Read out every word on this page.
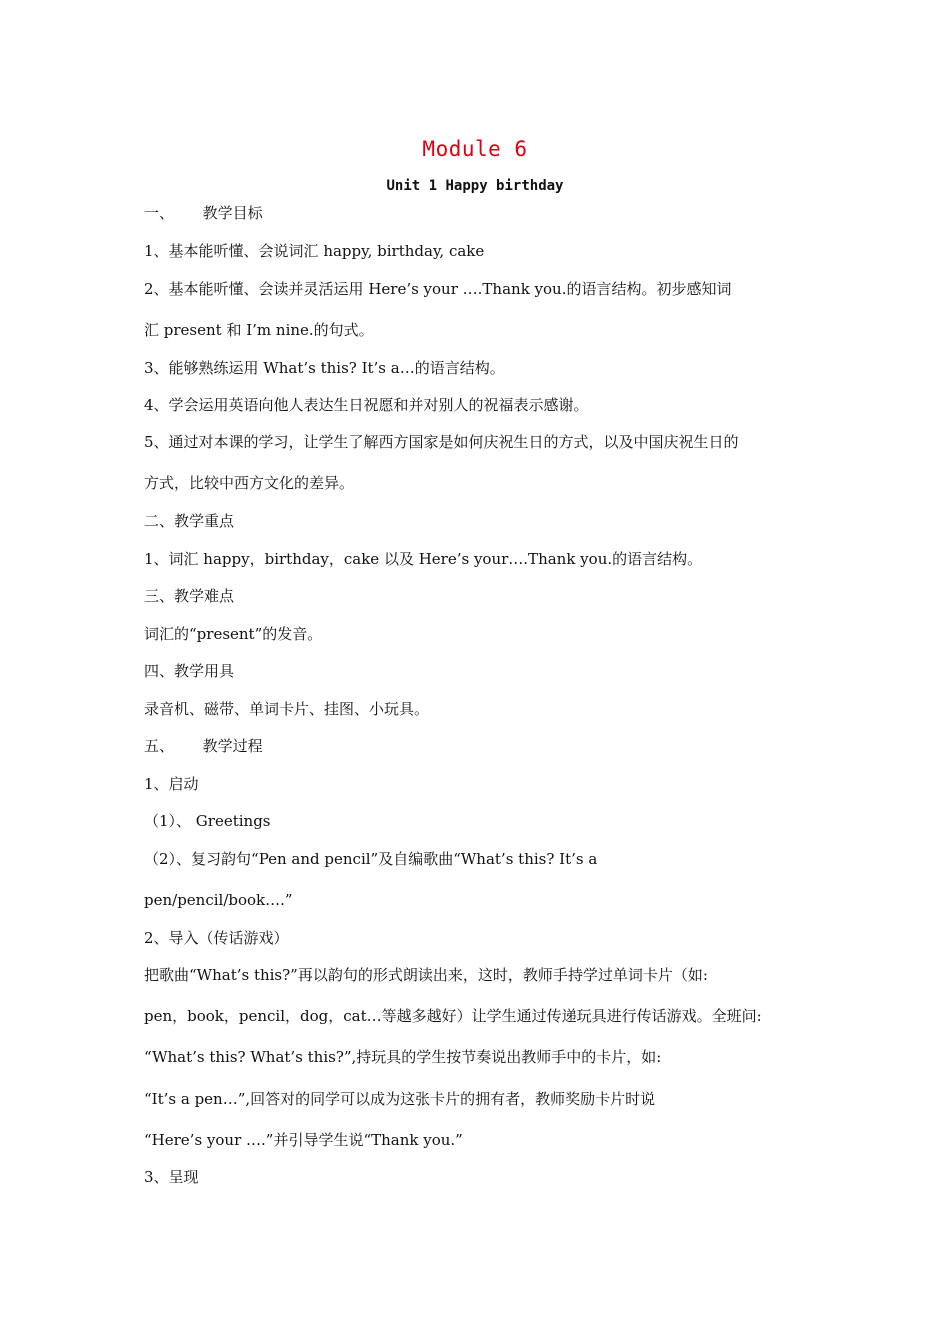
Module 6
Unit 1 Happy birthday
一、      教学目标
1、基本能听懂、会说词汇 happy, birthday, cake
2、基本能听懂、会读并灵活运用 Here’s your ….Thank you.的语言结构。初步感知词
汇 present 和 I’m nine.的句式。
3、能够熟练运用 What’s this? It’s a…的语言结构。
4、学会运用英语向他人表达生日祝愿和并对别人的祝福表示感谢。
5、通过对本课的学习，让学生了解西方国家是如何庆祝生日的方式，以及中国庆祝生日的
方式，比较中西方文化的差异。
二、教学重点
1、词汇 happy，birthday，cake 以及 Here’s your….Thank you.的语言结构。
三、教学难点
词汇的“present”的发音。
四、教学用具
录音机、磁带、单词卡片、挂图、小玩具。
五、      教学过程
1、启动
（1）、 Greetings
（2）、复习韵句“Pen and pencil”及自编歌曲“What’s this? It’s a
pen/pencil/book….”
2、导入（传话游戏）
把歌曲“What’s this?”再以韵句的形式朗读出来，这时，教师手持学过单词卡片（如:
pen，book，pencil，dog，cat…等越多越好）让学生通过传递玩具进行传话游戏。全班问:
“What’s this? What’s this?”,持玩具的学生按节奏说出教师手中的卡片，如:
“It’s a pen…”,回答对的同学可以成为这张卡片的拥有者，教师奖励卡片时说
“Here’s your ….”并引导学生说“Thank you.”
3、呈现
